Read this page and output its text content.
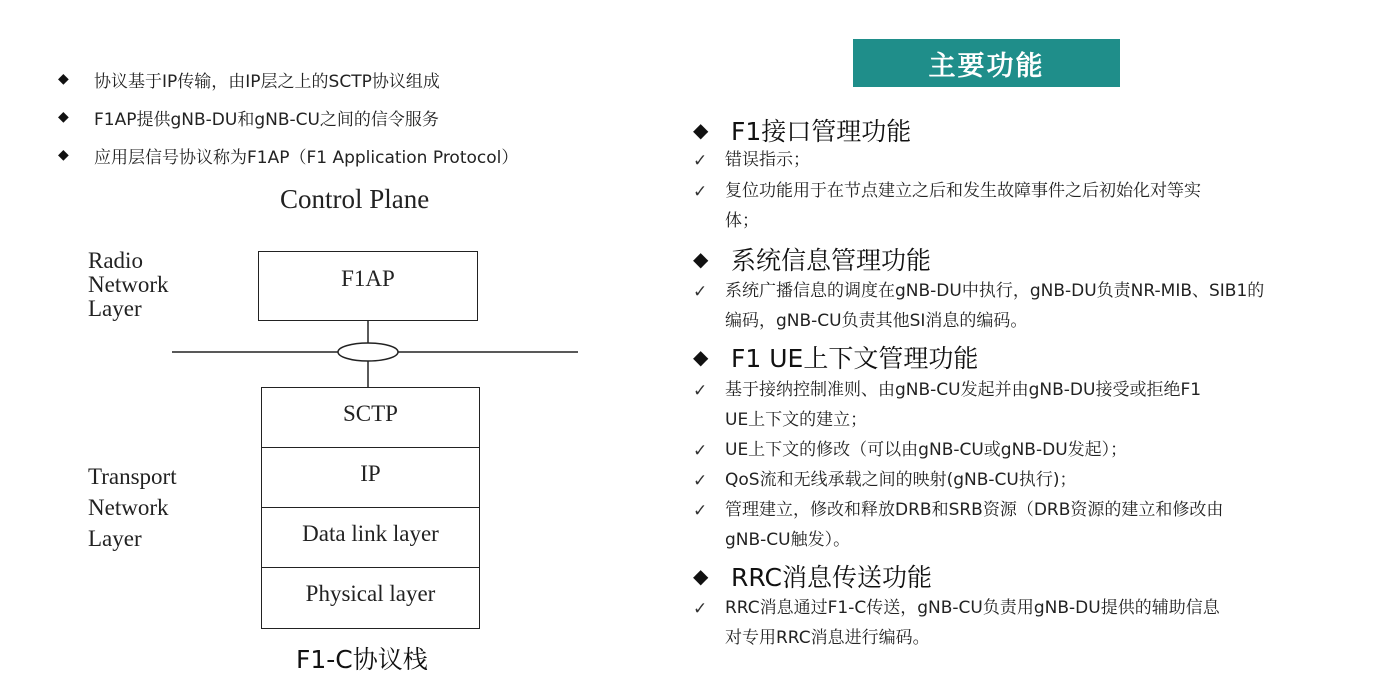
◆ 协议基于IP传输，由IP层之上的SCTP协议组成
◆ F1AP提供gNB-DU和gNB-CU之间的信令服务
◆ 应用层信号协议称为F1AP（F1 Application Protocol）
Control Plane
Radio
Network
Layer
Transport
Network
Layer
F1AP
SCTP
IP
Data link layer
Physical layer
F1-C协议栈
主要功能
◆ F1接口管理功能
✓ 错误指示；
✓ 复位功能用于在节点建立之后和发生故障事件之后初始化对等实
体；
◆ 系统信息管理功能
✓ 系统广播信息的调度在gNB-DU中执行，gNB-DU负责NR-MIB、SIB1的
编码，gNB-CU负责其他SI消息的编码。
◆ F1 UE上下文管理功能
✓ 基于接纳控制准则、由gNB-CU发起并由gNB-DU接受或拒绝F1
UE上下文的建立；
✓ UE上下文的修改（可以由gNB-CU或gNB-DU发起）；
✓ QoS流和无线承载之间的映射(gNB-CU执行)；
✓ 管理建立，修改和释放DRB和SRB资源（DRB资源的建立和修改由
gNB-CU触发）。
◆ RRC消息传送功能
✓ RRC消息通过F1-C传送，gNB-CU负责用gNB-DU提供的辅助信息
对专用RRC消息进行编码。
